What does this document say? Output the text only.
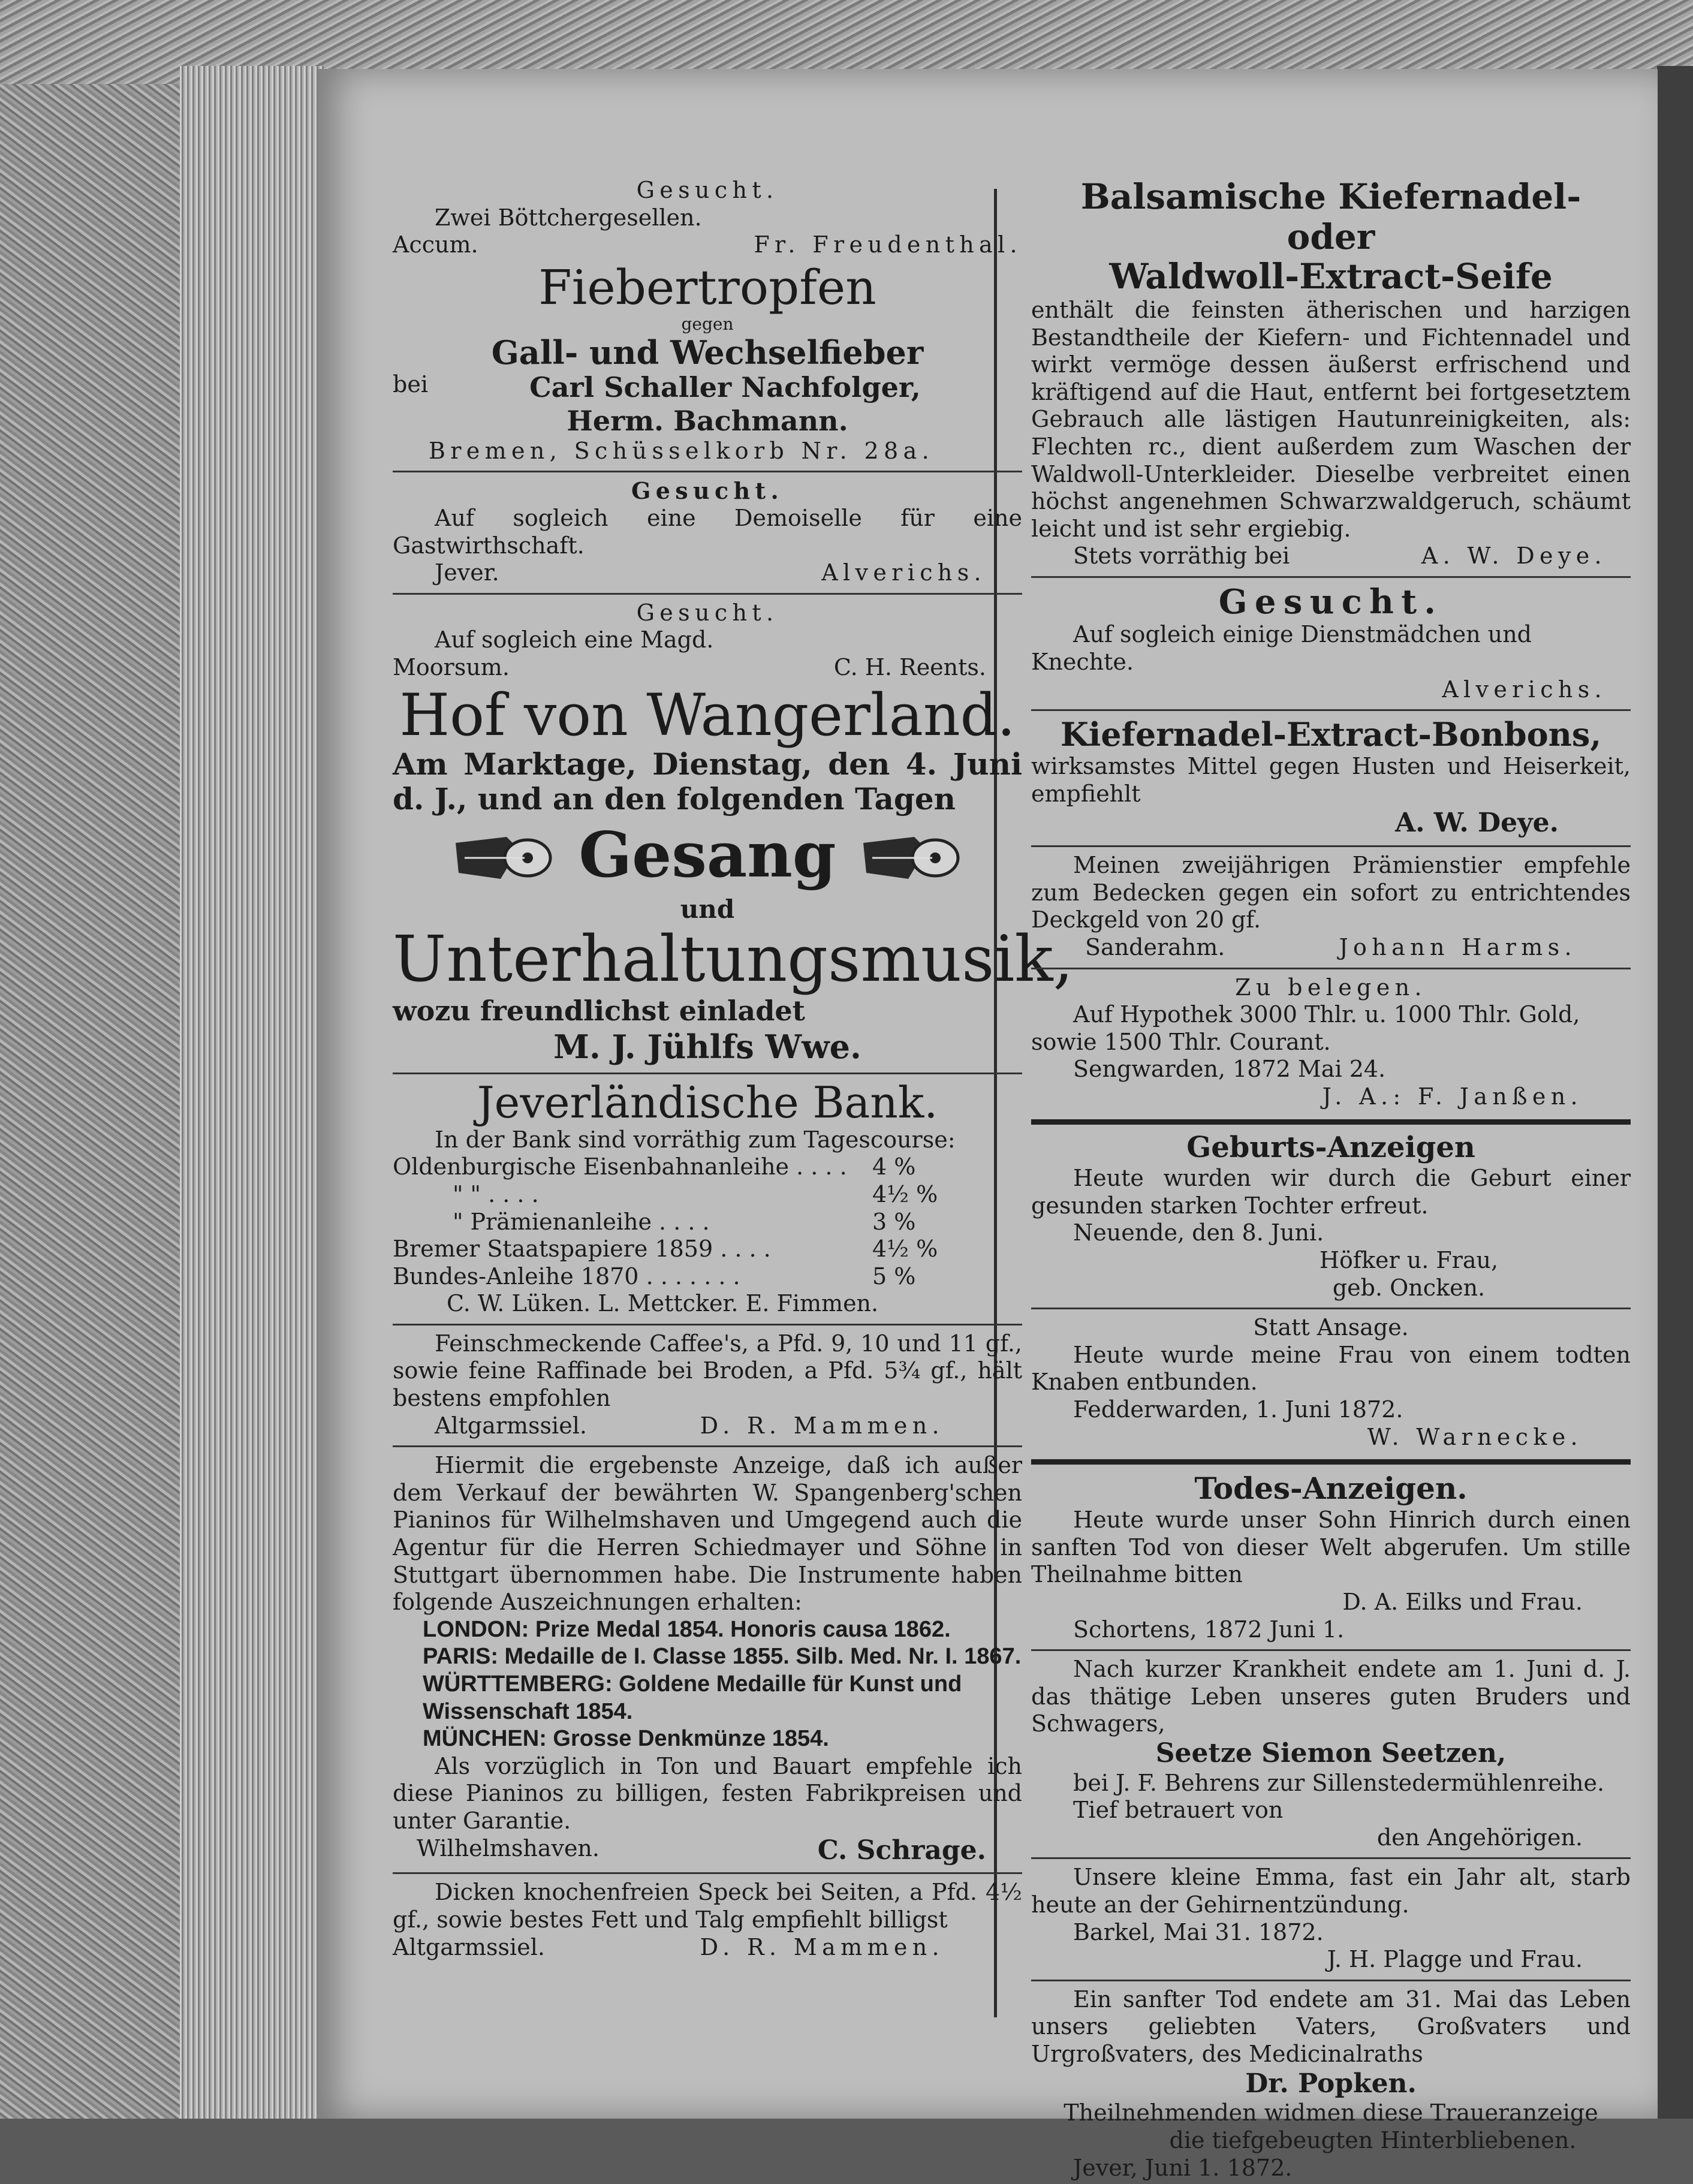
Gesucht.

Zwei Böttchergesellen.

Accum.	Fr. Freudenthal.

Fiebertropfen

gegen

Gall- und Wechselfieber

bei	Carl Schaller Nachfolger,

Herm. Bachmann.

Bremen, Schüsselkorb Nr. 28a.

Gesucht.

Auf sogleich eine Demoiselle für eine Gastwirthschaft.

Jever.	Alverichs.

Gesucht.

Auf sogleich eine Magd.

Moorsum.	C. H. Reents.

Hof von Wangerland.

Am Marktage, Dienstag, den 4. Juni d. J., und an den folgenden Tagen

Gesang

und

Unterhaltungsmusik,

wozu freundlichst einladet

M. J. Jühlfs Wwe.

Jeverländische Bank.

In der Bank sind vorräthig zum Tagescourse:

Oldenburgische Eisenbahnanleihe . . . . 4 %
" " . . . .	4½ %
" Prämienanleihe . . . .	3 %
Bremer Staatspapiere 1859 . . . .	4½ %
Bundes-Anleihe 1870 . . . . . . .	5 %

C. W. Lüken. L. Mettcker. E. Fimmen.

Feinschmeckende Caffee's, a Pfd. 9, 10 und 11 gf., sowie feine Raffinade bei Broden, a Pfd. 5¾ gf., hält bestens empfohlen

Altgarmssiel.	D. R. Mammen.

Hiermit die ergebenste Anzeige, daß ich außer dem Verkauf der bewährten W. Spangenberg'schen Pianinos für Wilhelmshaven und Umgegend auch die Agentur für die Herren Schiedmayer und Söhne in Stuttgart übernommen habe. Die Instrumente haben folgende Auszeichnungen erhalten:

LONDON: Prize Medal 1854. Honoris causa 1862.

PARIS: Medaille de I. Classe 1855. Silb. Med. Nr. I. 1867.

WÜRTTEMBERG: Goldene Medaille für Kunst und Wissenschaft 1854.

MÜNCHEN: Grosse Denkmünze 1854.

Als vorzüglich in Ton und Bauart empfehle ich diese Pianinos zu billigen, festen Fabrikpreisen und unter Garantie.

Wilhelmshaven.	C. Schrage.

Dicken knochenfreien Speck bei Seiten, a Pfd. 4½ gf., sowie bestes Fett und Talg empfiehlt billigst

Altgarmssiel.	D. R. Mammen.

Balsamische Kiefernadel- oder

Waldwoll-Extract-Seife

enthält die feinsten ätherischen und harzigen Bestandtheile der Kiefern- und Fichtennadel und wirkt vermöge dessen äußerst erfrischend und kräftigend auf die Haut, entfernt bei fortgesetztem Gebrauch alle lästigen Hautunreinigkeiten, als: Flechten rc., dient außerdem zum Waschen der Waldwoll-Unterkleider. Dieselbe verbreitet einen höchst angenehmen Schwarzwaldgeruch, schäumt leicht und ist sehr ergiebig.

Stets vorräthig bei	A. W. Deye.

Gesucht.

Auf sogleich einige Dienstmädchen und Knechte.

Alverichs.

Kiefernadel-Extract-Bonbons,

wirksamstes Mittel gegen Husten und Heiserkeit, empfiehlt

A. W. Deye.

Meinen zweijährigen Prämienstier empfehle zum Bedecken gegen ein sofort zu entrichtendes Deckgeld von 20 gf.

Sanderahm.	Johann Harms.

Zu belegen.

Auf Hypothek 3000 Thlr. u. 1000 Thlr. Gold,

sowie 1500 Thlr. Courant.

Sengwarden, 1872 Mai 24.

J. A.: F. Janßen.

Geburts-Anzeigen

Heute wurden wir durch die Geburt einer gesunden starken Tochter erfreut.

Neuende, den 8. Juni.

Höfker u. Frau,

geb. Oncken.

Statt Ansage.

Heute wurde meine Frau von einem todten Knaben entbunden.

Fedderwarden, 1. Juni 1872.

W. Warnecke.

Todes-Anzeigen.

Heute wurde unser Sohn Hinrich durch einen sanften Tod von dieser Welt abgerufen. Um stille Theilnahme bitten

D. A. Eilks und Frau.

Schortens, 1872 Juni 1.

Nach kurzer Krankheit endete am 1. Juni d. J. das thätige Leben unseres guten Bruders und Schwagers,

Seetze Siemon Seetzen,

bei J. F. Behrens zur Sillenstedermühlenreihe.

Tief betrauert von

den Angehörigen.

Unsere kleine Emma, fast ein Jahr alt, starb heute an der Gehirnentzündung.

Barkel, Mai 31. 1872.

J. H. Plagge und Frau.

Ein sanfter Tod endete am 31. Mai das Leben unsers geliebten Vaters, Großvaters und Urgroßvaters, des Medicinalraths

Dr. Popken.

Theilnehmenden widmen diese Traueranzeige

die tiefgebeugten Hinterbliebenen.

Jever, Juni 1. 1872.
